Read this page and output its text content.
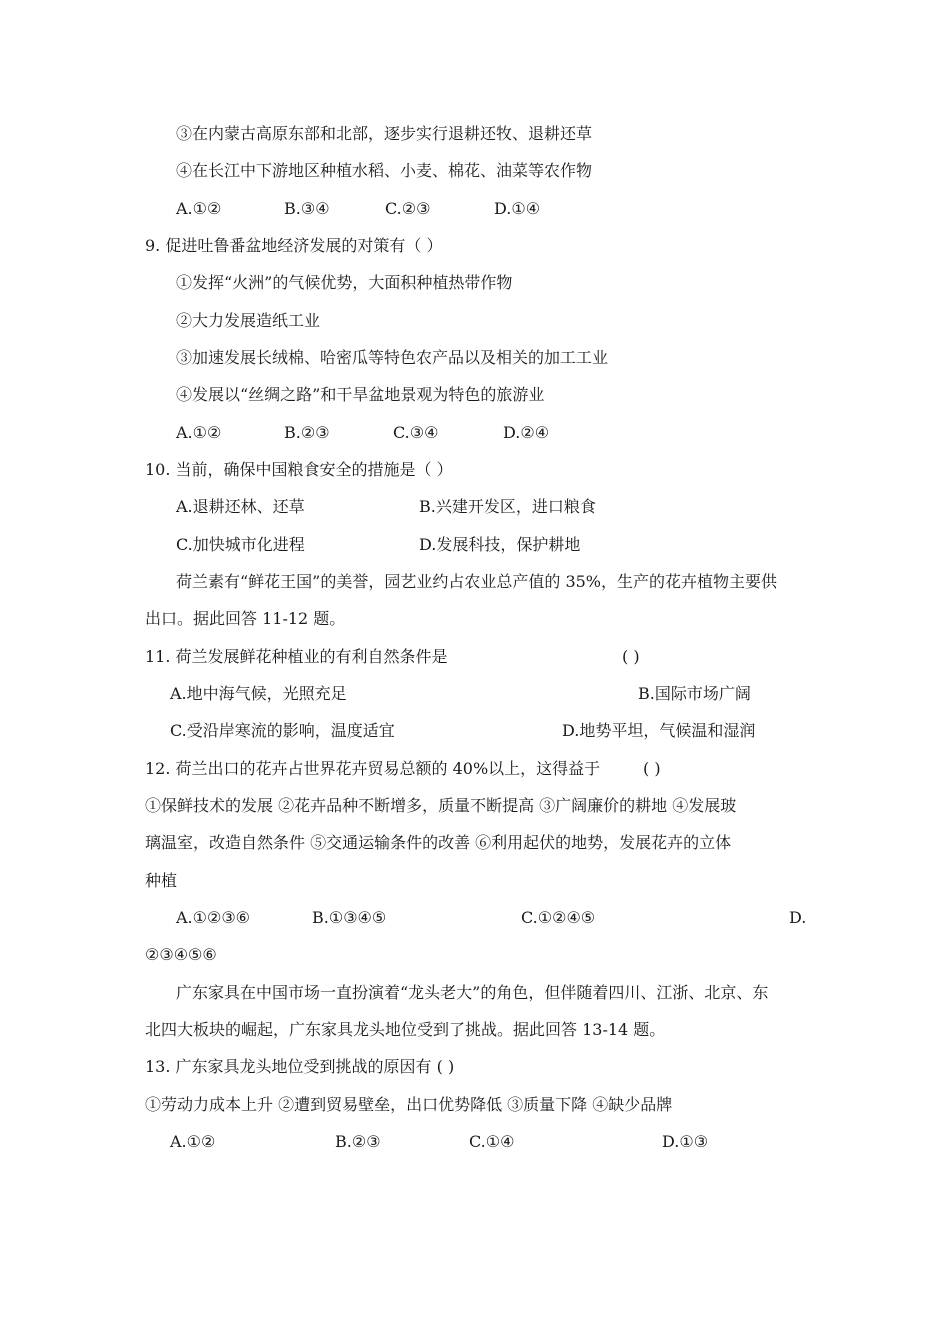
③在内蒙古高原东部和北部，逐步实行退耕还牧、退耕还草
④在长江中下游地区种植水稻、小麦、棉花、油菜等农作物
A.①②	B.③④	C.②③	D.①④
9. 促进吐鲁番盆地经济发展的对策有（ ）
①发挥“火洲”的气候优势，大面积种植热带作物
②大力发展造纸工业
③加速发展长绒棉、哈密瓜等特色农产品以及相关的加工工业
④发展以“丝绸之路”和干旱盆地景观为特色的旅游业
A.①②	B.②③	C.③④	D.②④
10. 当前，确保中国粮食安全的措施是（ ）
A.退耕还林、还草	B.兴建开发区，进口粮食
C.加快城市化进程	D.发展科技，保护耕地
荷兰素有“鲜花王国”的美誉，园艺业约占农业总产值的 35%，生产的花卉植物主要供
出口。据此回答 11-12 题。
11. 荷兰发展鲜花种植业的有利自然条件是	( )
A.地中海气候，光照充足	B.国际市场广阔
C.受沿岸寒流的影响，温度适宜	D.地势平坦，气候温和湿润
12. 荷兰出口的花卉占世界花卉贸易总额的 40%以上，这得益于	( )
①保鲜技术的发展 ②花卉品种不断增多，质量不断提高 ③广阔廉价的耕地 ④发展玻
璃温室，改造自然条件 ⑤交通运输条件的改善 ⑥利用起伏的地势，发展花卉的立体
种植
A.①②③⑥	B.①③④⑤	C.①②④⑤	D.
②③④⑤⑥
广东家具在中国市场一直扮演着“龙头老大”的角色，但伴随着四川、江浙、北京、东
北四大板块的崛起，广东家具龙头地位受到了挑战。据此回答 13-14 题。
13. 广东家具龙头地位受到挑战的原因有 ( )
①劳动力成本上升 ②遭到贸易壁垒，出口优势降低 ③质量下降 ④缺少品牌
A.①②	B.②③	C.①④	D.①③
